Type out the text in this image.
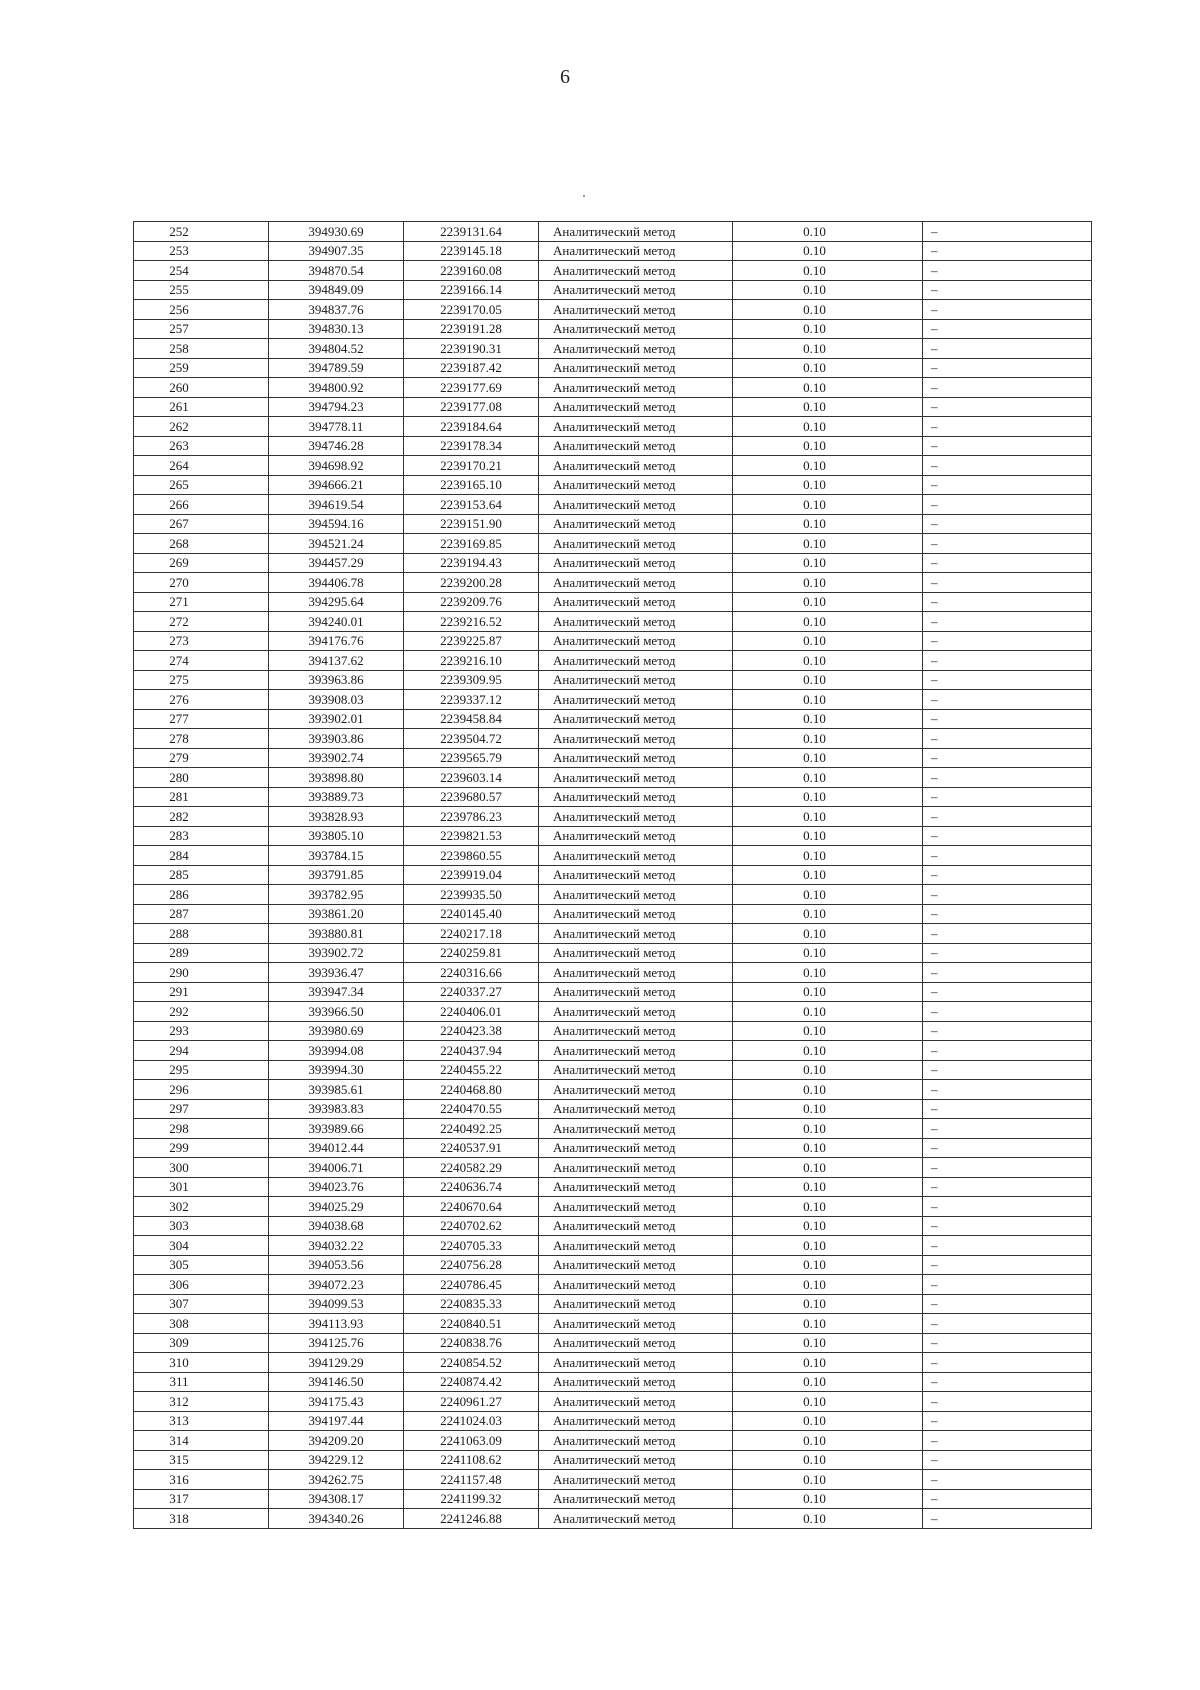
6
252	394930.69	2239131.64	Аналитический метод	0.10	–
253	394907.35	2239145.18	Аналитический метод	0.10	–
254	394870.54	2239160.08	Аналитический метод	0.10	–
255	394849.09	2239166.14	Аналитический метод	0.10	–
256	394837.76	2239170.05	Аналитический метод	0.10	–
257	394830.13	2239191.28	Аналитический метод	0.10	–
258	394804.52	2239190.31	Аналитический метод	0.10	–
259	394789.59	2239187.42	Аналитический метод	0.10	–
260	394800.92	2239177.69	Аналитический метод	0.10	–
261	394794.23	2239177.08	Аналитический метод	0.10	–
262	394778.11	2239184.64	Аналитический метод	0.10	–
263	394746.28	2239178.34	Аналитический метод	0.10	–
264	394698.92	2239170.21	Аналитический метод	0.10	–
265	394666.21	2239165.10	Аналитический метод	0.10	–
266	394619.54	2239153.64	Аналитический метод	0.10	–
267	394594.16	2239151.90	Аналитический метод	0.10	–
268	394521.24	2239169.85	Аналитический метод	0.10	–
269	394457.29	2239194.43	Аналитический метод	0.10	–
270	394406.78	2239200.28	Аналитический метод	0.10	–
271	394295.64	2239209.76	Аналитический метод	0.10	–
272	394240.01	2239216.52	Аналитический метод	0.10	–
273	394176.76	2239225.87	Аналитический метод	0.10	–
274	394137.62	2239216.10	Аналитический метод	0.10	–
275	393963.86	2239309.95	Аналитический метод	0.10	–
276	393908.03	2239337.12	Аналитический метод	0.10	–
277	393902.01	2239458.84	Аналитический метод	0.10	–
278	393903.86	2239504.72	Аналитический метод	0.10	–
279	393902.74	2239565.79	Аналитический метод	0.10	–
280	393898.80	2239603.14	Аналитический метод	0.10	–
281	393889.73	2239680.57	Аналитический метод	0.10	–
282	393828.93	2239786.23	Аналитический метод	0.10	–
283	393805.10	2239821.53	Аналитический метод	0.10	–
284	393784.15	2239860.55	Аналитический метод	0.10	–
285	393791.85	2239919.04	Аналитический метод	0.10	–
286	393782.95	2239935.50	Аналитический метод	0.10	–
287	393861.20	2240145.40	Аналитический метод	0.10	–
288	393880.81	2240217.18	Аналитический метод	0.10	–
289	393902.72	2240259.81	Аналитический метод	0.10	–
290	393936.47	2240316.66	Аналитический метод	0.10	–
291	393947.34	2240337.27	Аналитический метод	0.10	–
292	393966.50	2240406.01	Аналитический метод	0.10	–
293	393980.69	2240423.38	Аналитический метод	0.10	–
294	393994.08	2240437.94	Аналитический метод	0.10	–
295	393994.30	2240455.22	Аналитический метод	0.10	–
296	393985.61	2240468.80	Аналитический метод	0.10	–
297	393983.83	2240470.55	Аналитический метод	0.10	–
298	393989.66	2240492.25	Аналитический метод	0.10	–
299	394012.44	2240537.91	Аналитический метод	0.10	–
300	394006.71	2240582.29	Аналитический метод	0.10	–
301	394023.76	2240636.74	Аналитический метод	0.10	–
302	394025.29	2240670.64	Аналитический метод	0.10	–
303	394038.68	2240702.62	Аналитический метод	0.10	–
304	394032.22	2240705.33	Аналитический метод	0.10	–
305	394053.56	2240756.28	Аналитический метод	0.10	–
306	394072.23	2240786.45	Аналитический метод	0.10	–
307	394099.53	2240835.33	Аналитический метод	0.10	–
308	394113.93	2240840.51	Аналитический метод	0.10	–
309	394125.76	2240838.76	Аналитический метод	0.10	–
310	394129.29	2240854.52	Аналитический метод	0.10	–
311	394146.50	2240874.42	Аналитический метод	0.10	–
312	394175.43	2240961.27	Аналитический метод	0.10	–
313	394197.44	2241024.03	Аналитический метод	0.10	–
314	394209.20	2241063.09	Аналитический метод	0.10	–
315	394229.12	2241108.62	Аналитический метод	0.10	–
316	394262.75	2241157.48	Аналитический метод	0.10	–
317	394308.17	2241199.32	Аналитический метод	0.10	–
318	394340.26	2241246.88	Аналитический метод	0.10	–
